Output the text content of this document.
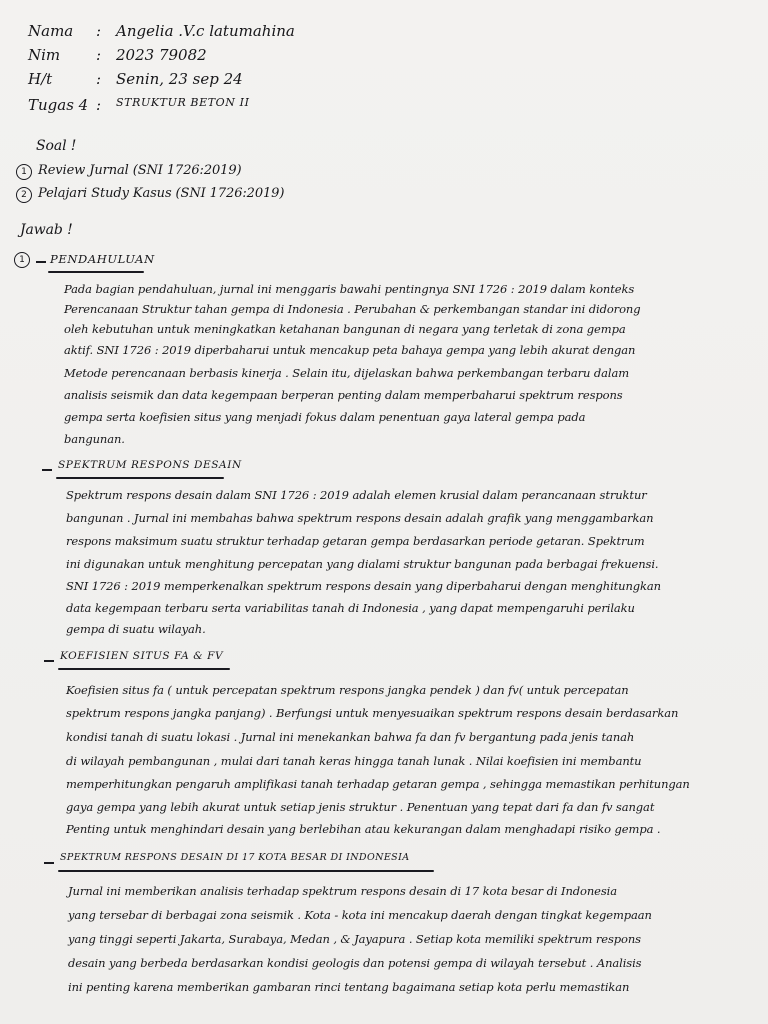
Nama	: Angelia .V.c latumahina
Nim	: 2023 79082
H/t	: Senin, 23 sep 24
Tugas 4 : STRUKTUR BETON II
Soal !
1 Review Jurnal (SNI 1726:2019)
2 Pelajari Study Kasus (SNI 1726:2019)
Jawab !
1	PENDAHULUAN
Pada bagian pendahuluan, jurnal ini menggaris bawahi pentingnya SNI 1726 : 2019 dalam konteks
Perencanaan Struktur tahan gempa di Indonesia . Perubahan & perkembangan standar ini didorong
oleh kebutuhan untuk meningkatkan ketahanan bangunan di negara yang terletak di zona gempa
aktif. SNI 1726 : 2019 diperbaharui untuk mencakup peta bahaya gempa yang lebih akurat dengan
Metode perencanaan berbasis kinerja . Selain itu, dijelaskan bahwa perkembangan terbaru dalam
analisis seismik dan data kegempaan berperan penting dalam memperbaharui spektrum respons
gempa serta koefisien situs yang menjadi fokus dalam penentuan gaya lateral gempa pada
bangunan.
SPEKTRUM RESPONS DESAIN
Spektrum respons desain dalam SNI 1726 : 2019 adalah elemen krusial dalam perancanaan struktur
bangunan . Jurnal ini membahas bahwa spektrum respons desain adalah grafik yang menggambarkan
respons maksimum suatu struktur terhadap getaran gempa berdasarkan periode getaran. Spektrum
ini digunakan untuk menghitung percepatan yang dialami struktur bangunan pada berbagai frekuensi.
SNI 1726 : 2019 memperkenalkan spektrum respons desain yang diperbaharui dengan menghitungkan
data kegempaan terbaru serta variabilitas tanah di Indonesia , yang dapat mempengaruhi perilaku
gempa di suatu wilayah.
KOEFISIEN SITUS FA & FV
Koefisien situs fa ( untuk percepatan spektrum respons jangka pendek ) dan fv( untuk percepatan
spektrum respons jangka panjang) . Berfungsi untuk menyesuaikan spektrum respons desain berdasarkan
kondisi tanah di suatu lokasi . Jurnal ini menekankan bahwa fa dan fv bergantung pada jenis tanah
di wilayah pembangunan , mulai dari tanah keras hingga tanah lunak . Nilai koefisien ini membantu
memperhitungkan pengaruh amplifikasi tanah terhadap getaran gempa , sehingga memastikan perhitungan
gaya gempa yang lebih akurat untuk setiap jenis struktur . Penentuan yang tepat dari fa dan fv sangat
Penting untuk menghindari desain yang berlebihan atau kekurangan dalam menghadapi risiko gempa .
SPEKTRUM RESPONS DESAIN DI 17 KOTA BESAR DI INDONESIA
Jurnal ini memberikan analisis terhadap spektrum respons desain di 17 kota besar di Indonesia
yang tersebar di berbagai zona seismik . Kota - kota ini mencakup daerah dengan tingkat kegempaan
yang tinggi seperti Jakarta, Surabaya, Medan , & Jayapura . Setiap kota memiliki spektrum respons
desain yang berbeda berdasarkan kondisi geologis dan potensi gempa di wilayah tersebut . Analisis
ini penting karena memberikan gambaran rinci tentang bagaimana setiap kota perlu memastikan
